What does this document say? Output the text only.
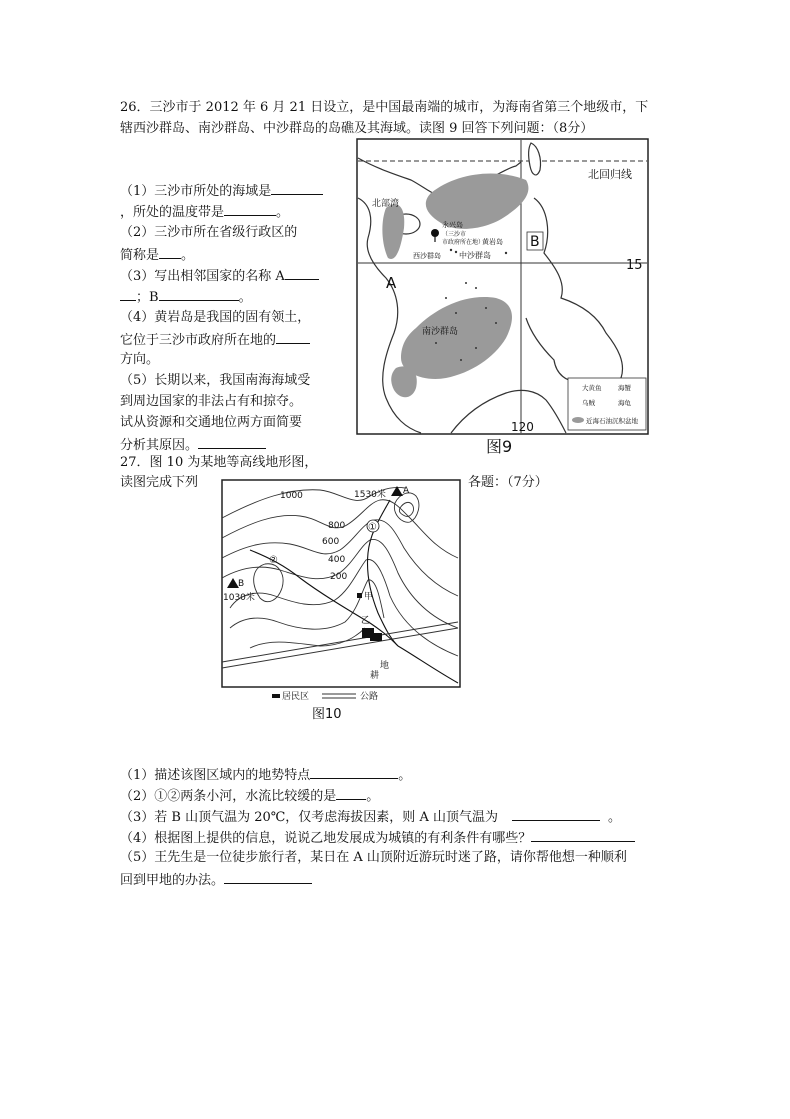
26．三沙市于 2012 年 6 月 21 日设立，是中国最南端的城市，为海南省第三个地级市，下
辖西沙群岛、南沙群岛、中沙群岛的岛礁及其海域。读图 9 回答下列问题：（8分）
（1）三沙市所处的海域是
，所处的温度带是	。
（2）三沙市所在省级行政区的
简称是 。
（3）写出相邻国家的名称 A
；B	。
（4）黄岩岛是我国的固有领土，
它位于三沙市政府所在地的
方向。
（5）长期以来，我国南海海域受
到周边国家的非法占有和掠夺。
试从资源和交通地位两方面简要
分析其原因。
北回归线
15
120
A
B
北部湾
永兴岛
（三沙市
市政府所在地）
西沙群岛 中沙群岛
黄岩岛
南沙群岛
大黄鱼	海蟹
乌贼	海龟
近海石油沉积盆地
图9
27．图 10 为某地等高线地形图，
读图完成下列	各题：（7分）
1000
800
600
400
200
1530米 A
①
②
B
1030米	甲
乙
耕
地
居民区	公路
图10
（1）描述该图区域内的地势特点	。
（2）①②两条小河，水流比较缓的是 。
（3）若 B 山顶气温为 20℃，仅考虑海拔因素，则 A 山顶气温为	。
（4）根据图上提供的信息，说说乙地发展成为城镇的有利条件有哪些？
（5）王先生是一位徒步旅行者，某日在 A 山顶附近游玩时迷了路，请你帮他想一种顺利
回到甲地的办法。
